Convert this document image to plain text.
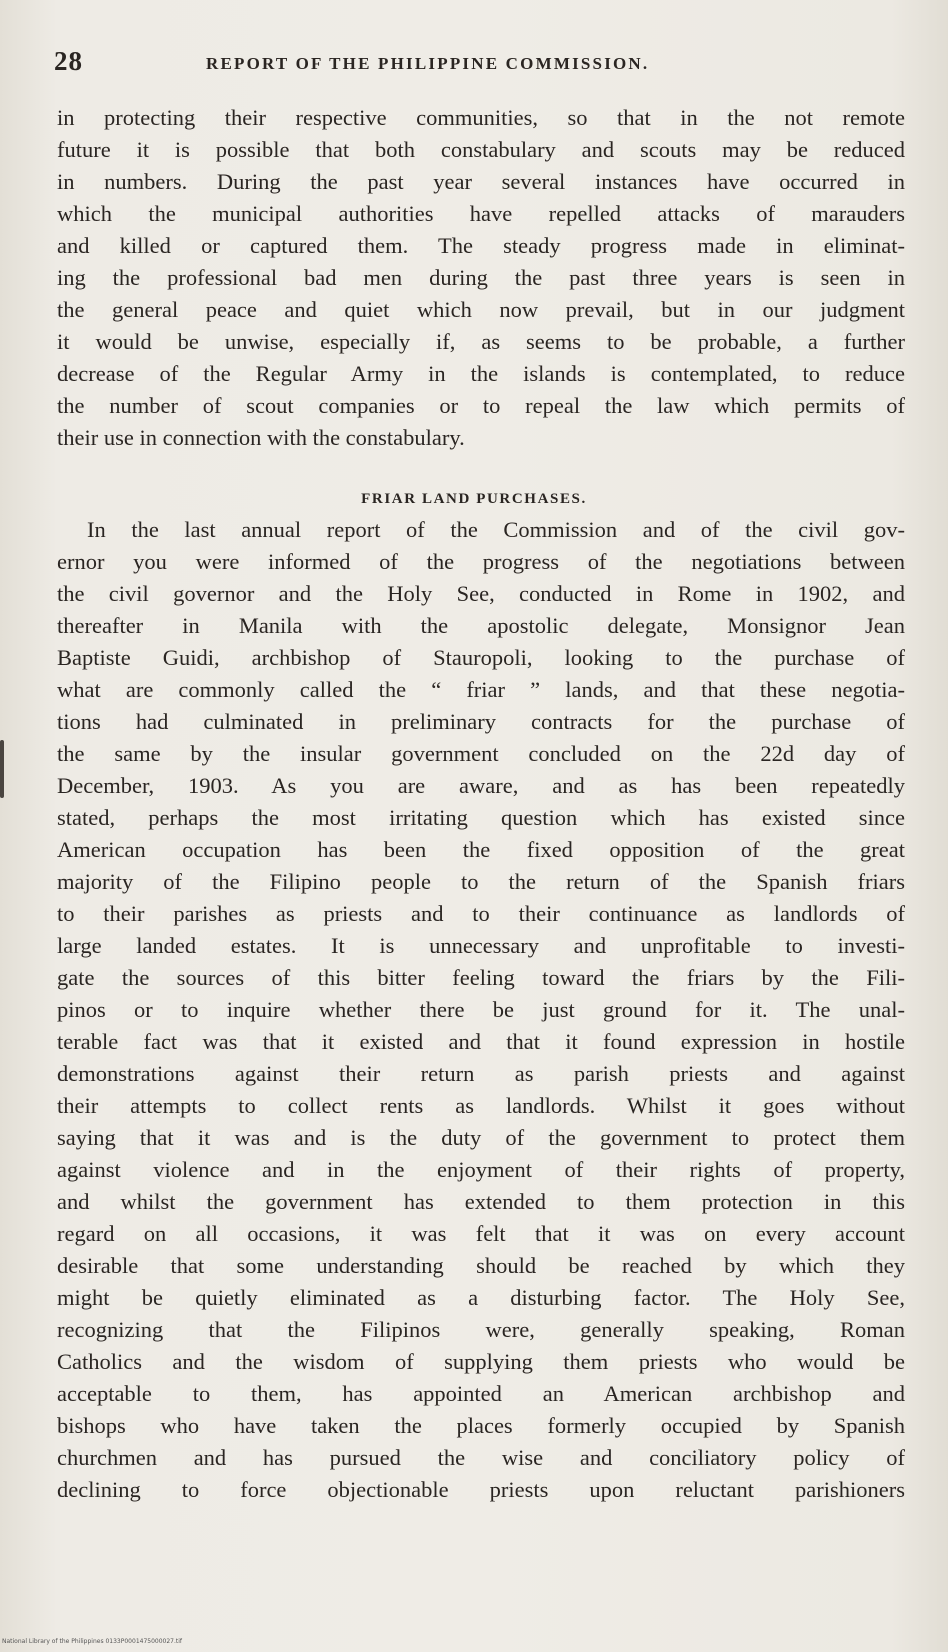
28	REPORT OF THE PHILIPPINE COMMISSION.
in protecting their respective communities, so that in the not remote
future it is possible that both constabulary and scouts may be reduced
in numbers. During the past year several instances have occurred in
which the municipal authorities have repelled attacks of marauders
and killed or captured them. The steady progress made in eliminat-
ing the professional bad men during the past three years is seen in
the general peace and quiet which now prevail, but in our judgment
it would be unwise, especially if, as seems to be probable, a further
decrease of the Regular Army in the islands is contemplated, to reduce
the number of scout companies or to repeal the law which permits of
their use in connection with the constabulary.
FRIAR LAND PURCHASES.
In the last annual report of the Commission and of the civil gov-
ernor you were informed of the progress of the negotiations between
the civil governor and the Holy See, conducted in Rome in 1902, and
thereafter in Manila with the apostolic delegate, Monsignor Jean
Baptiste Guidi, archbishop of Stauropoli, looking to the purchase of
what are commonly called the “ friar ” lands, and that these negotia-
tions had culminated in preliminary contracts for the purchase of
the same by the insular government concluded on the 22d day of
December, 1903. As you are aware, and as has been repeatedly
stated, perhaps the most irritating question which has existed since
American occupation has been the fixed opposition of the great
majority of the Filipino people to the return of the Spanish friars
to their parishes as priests and to their continuance as landlords of
large landed estates. It is unnecessary and unprofitable to investi-
gate the sources of this bitter feeling toward the friars by the Fili-
pinos or to inquire whether there be just ground for it. The unal-
terable fact was that it existed and that it found expression in hostile
demonstrations against their return as parish priests and against
their attempts to collect rents as landlords. Whilst it goes without
saying that it was and is the duty of the government to protect them
against violence and in the enjoyment of their rights of property,
and whilst the government has extended to them protection in this
regard on all occasions, it was felt that it was on every account
desirable that some understanding should be reached by which they
might be quietly eliminated as a disturbing factor. The Holy See,
recognizing that the Filipinos were, generally speaking, Roman
Catholics and the wisdom of supplying them priests who would be
acceptable to them, has appointed an American archbishop and
bishops who have taken the places formerly occupied by Spanish
churchmen and has pursued the wise and conciliatory policy of
declining to force objectionable priests upon reluctant parishioners
National Library of the Philippines 0133P0001475000027.tif
